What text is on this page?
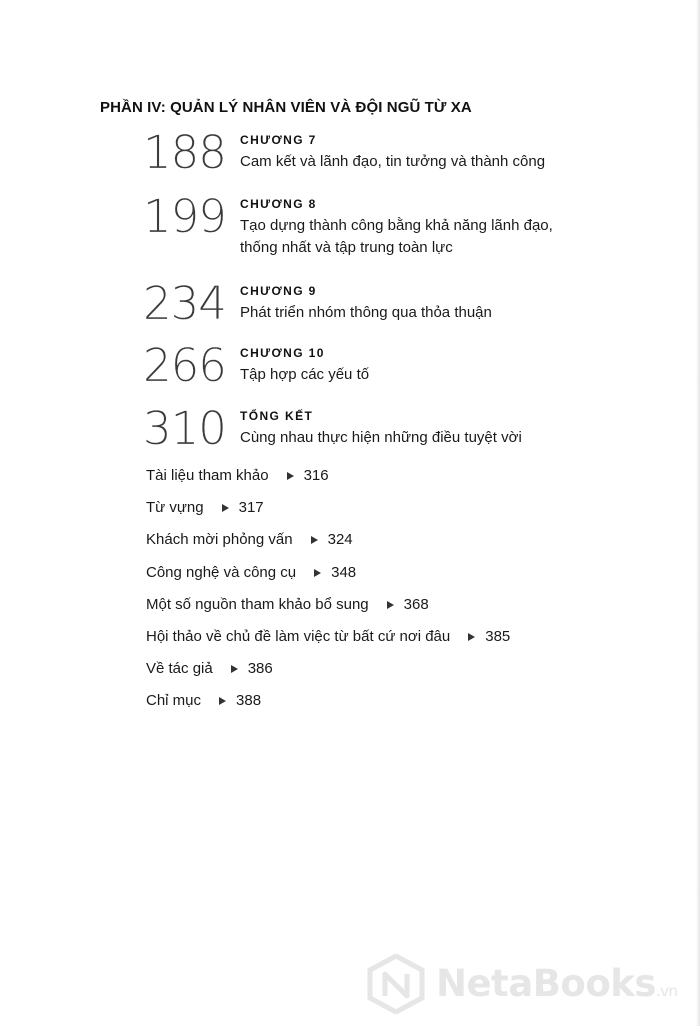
PHẦN IV: QUẢN LÝ NHÂN VIÊN VÀ ĐỘI NGŨ TỪ XA
188 CHƯƠNG 7
Cam kết và lãnh đạo, tin tưởng và thành công
199 CHƯƠNG 8
Tạo dựng thành công bằng khả năng lãnh đạo, thống nhất và tập trung toàn lực
234 CHƯƠNG 9
Phát triển nhóm thông qua thỏa thuận
266 CHƯƠNG 10
Tập hợp các yếu tố
310 TỔNG KẾT
Cùng nhau thực hiện những điều tuyệt vời
Tài liệu tham khảo 316
Từ vựng 317
Khách mời phỏng vấn 324
Công nghệ và công cụ 348
Một số nguồn tham khảo bổ sung 368
Hội thảo về chủ đề làm việc từ bất cứ nơi đâu 385
Về tác giả 386
Chỉ mục 388
NetaBooks.vn
